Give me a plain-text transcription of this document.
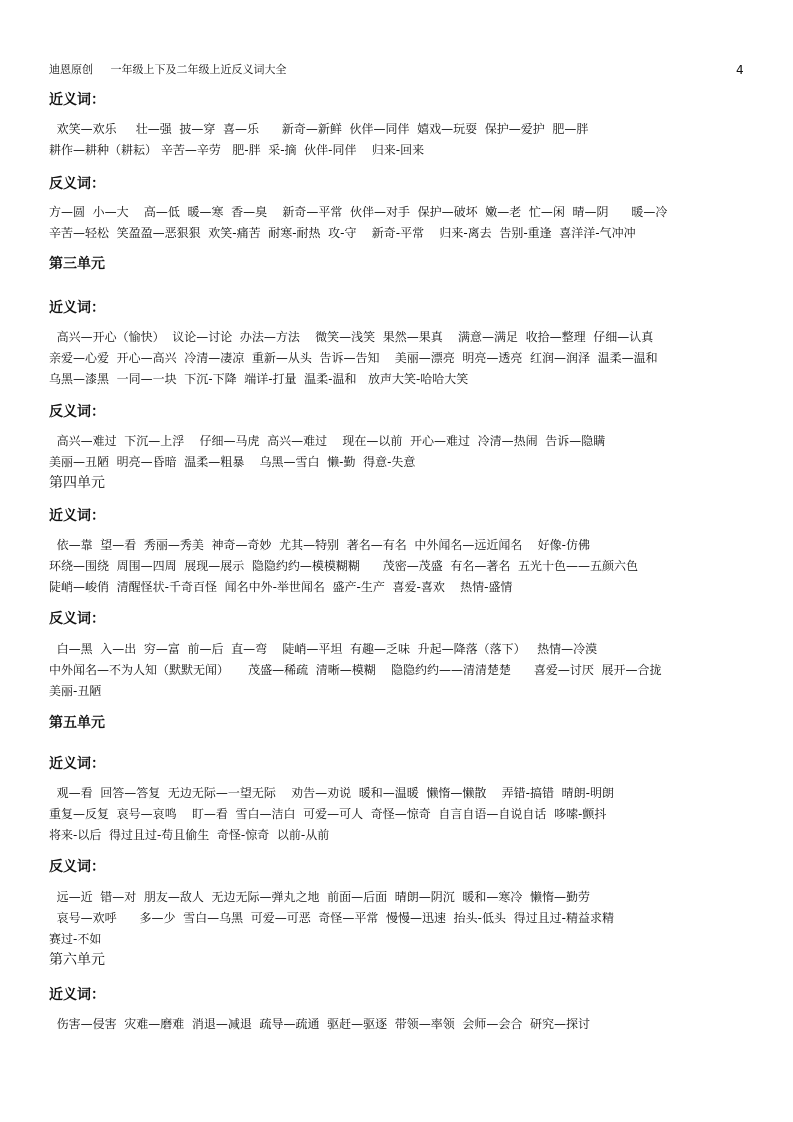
迪恩原创     一年级上下及二年级上近反义词大全	4
近义词：
欢笑—欢乐     壮—强  披—穿  喜—乐      新奇—新鲜  伙伴—同伴  嬉戏—玩耍  保护—爱护  肥—胖
耕作—耕种（耕耘） 辛苦—辛劳   肥-胖  采-摘  伙伴-同伴    归来-回来
反义词：
方—圆  小—大    高—低  暖—寒  香—臭    新奇—平常  伙伴—对手  保护—破坏  嫩—老  忙—闲  晴—阴      暖—冷
辛苦—轻松  笑盈盈—恶狠狠  欢笑-痛苦  耐寒-耐热  攻-守    新奇-平常    归来-离去  告别-重逢  喜洋洋-气冲冲
第三单元
近义词：
高兴—开心（愉快）  议论—讨论  办法—方法    微笑—浅笑  果然—果真    满意—满足  收拾—整理  仔细—认真
亲爱—心爱  开心—高兴  冷清—凄凉  重新—从头  告诉—告知    美丽—漂亮  明亮—透亮  红润—润泽  温柔—温和
乌黑—漆黑  一同—一块  下沉-下降  端详-打量  温柔-温和   放声大笑-哈哈大笑
反义词：
高兴—难过  下沉—上浮    仔细—马虎  高兴—难过    现在—以前  开心—难过  冷清—热闹  告诉—隐瞒
美丽—丑陋  明亮—昏暗  温柔—粗暴    乌黑—雪白  懒-勤  得意-失意
第四单元
近义词：
依—靠  望—看  秀丽—秀美  神奇—奇妙  尤其—特别  著名—有名  中外闻名—远近闻名    好像-仿佛
环绕—围绕  周围—四周  展现—展示  隐隐约约—模模糊糊      茂密—茂盛  有名—著名  五光十色——五颜六色
陡峭—峻俏  清醒怪状-千奇百怪  闻名中外-举世闻名  盛产-生产  喜爱-喜欢    热情-盛情
反义词：
白—黑  入—出  穷—富  前—后  直—弯    陡峭—平坦  有趣—乏味  升起—降落（落下）   热情—冷漠
中外闻名—不为人知（默默无闻）     茂盛—稀疏  清晰—模糊    隐隐约约——清清楚楚      喜爱—讨厌  展开—合拢
美丽-丑陋
第五单元
近义词：
观—看  回答—答复  无边无际—一望无际    劝告—劝说  暖和—温暖  懒惰—懒散    弄错-搞错  晴朗-明朗
重复—反复  哀号—哀鸣    盯—看  雪白—洁白  可爱—可人  奇怪—惊奇  自言自语—自说自话  哆嗦-颤抖
将来-以后  得过且过-苟且偷生  奇怪-惊奇  以前-从前
反义词：
远—近  错—对  朋友—敌人  无边无际—弹丸之地  前面—后面  晴朗—阴沉  暖和—寒冷  懒惰—勤劳
哀号—欢呼      多—少  雪白—乌黑  可爱—可恶  奇怪—平常  慢慢—迅速  抬头-低头  得过且过-精益求精
赛过-不如
第六单元
近义词：
伤害—侵害  灾难—磨难  消退—减退  疏导—疏通  驱赶—驱逐  带领—率领  会师—会合  研究—探讨
